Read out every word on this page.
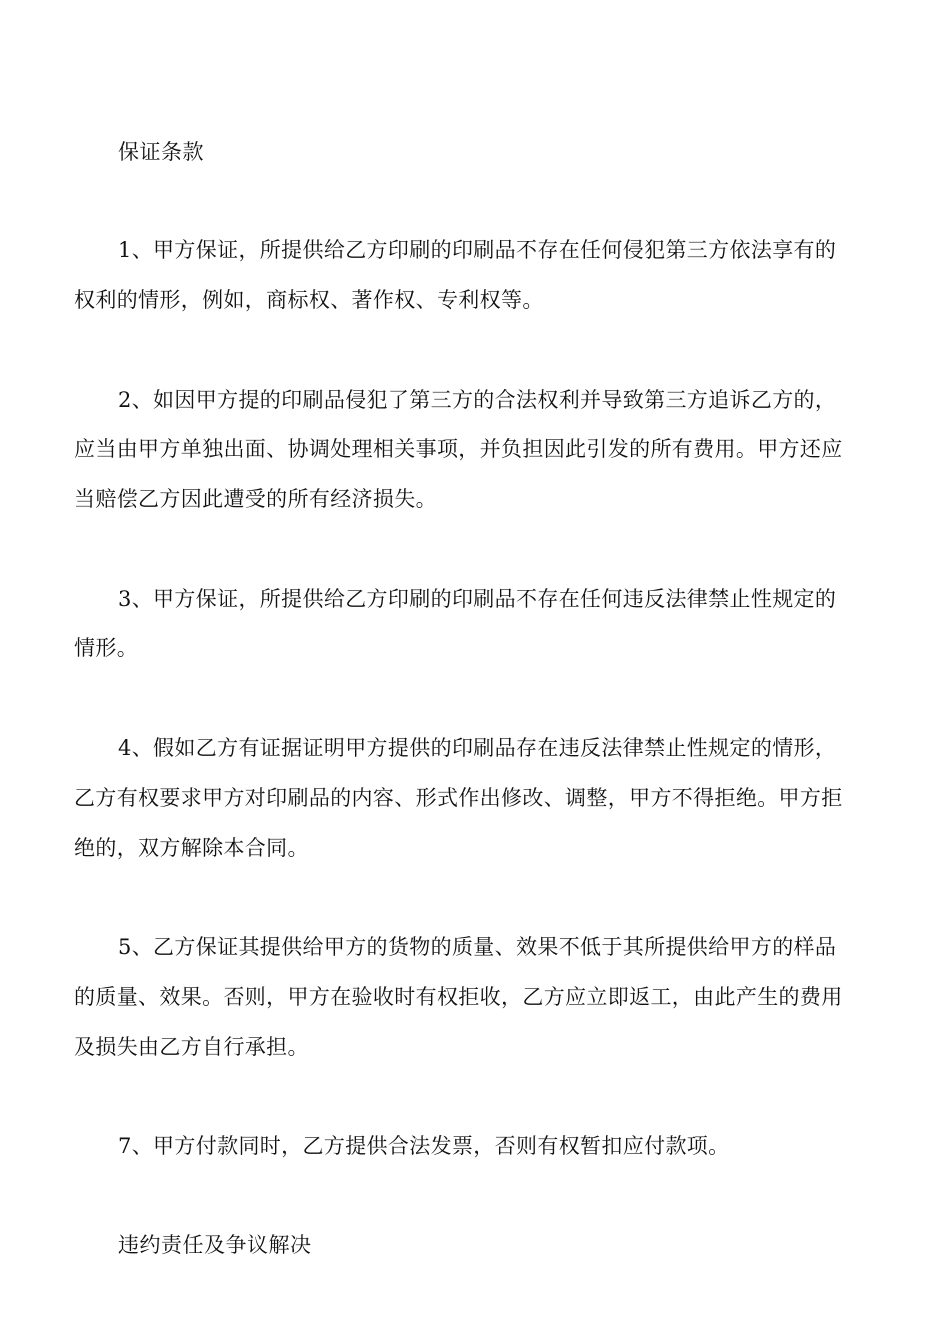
保证条款
1、甲方保证，所提供给乙方印刷的印刷品不存在任何侵犯第三方依法享有的
权利的情形，例如，商标权、著作权、专利权等。
2、如因甲方提的印刷品侵犯了第三方的合法权利并导致第三方追诉乙方的，
应当由甲方单独出面、协调处理相关事项，并负担因此引发的所有费用。甲方还应
当赔偿乙方因此遭受的所有经济损失。
3、甲方保证，所提供给乙方印刷的印刷品不存在任何违反法律禁止性规定的
情形。
4、假如乙方有证据证明甲方提供的印刷品存在违反法律禁止性规定的情形，
乙方有权要求甲方对印刷品的内容、形式作出修改、调整，甲方不得拒绝。甲方拒
绝的，双方解除本合同。
5、乙方保证其提供给甲方的货物的质量、效果不低于其所提供给甲方的样品
的质量、效果。否则，甲方在验收时有权拒收，乙方应立即返工，由此产生的费用
及损失由乙方自行承担。
7、甲方付款同时，乙方提供合法发票，否则有权暂扣应付款项。
违约责任及争议解决
